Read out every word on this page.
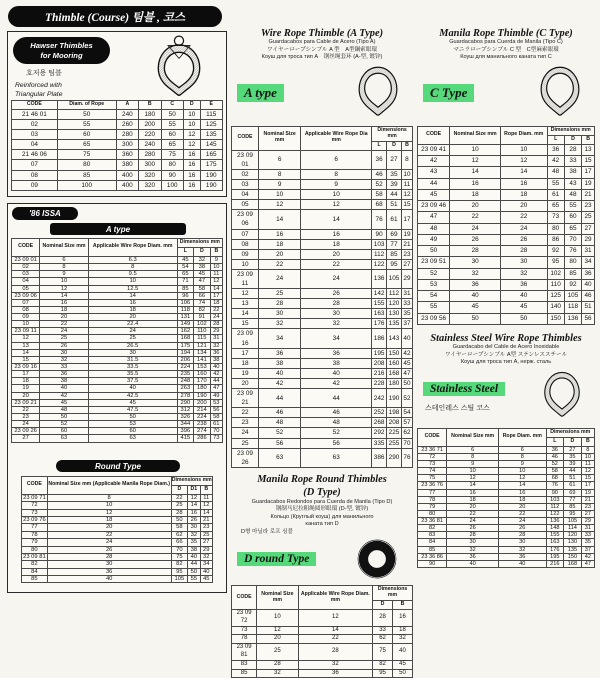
Thimble (Course) 팀블 , 코스
Hawser Thimbles
for Mooring
호저용 팀블
Reinforced with
Triangular Plate
CODE	Diam. of Rope	A	B	C	D	E
21 46 01	50	240	180	50	10	115
02	55	260	200	55	10	125
03	60	280	220	60	12	135
04	65	300	240	65	12	145
21 46 06	75	360	280	75	16	165
07	80	380	300	80	16	175
08	85	400	320	90	16	190
09	100	400	320	100	16	190
'86 ISSA
A type
CODE	Nominal Size mm	Applicable Wire Rope Diam. mm	Dimensions mm		
			L	D	B
23 09 01	6	6.3	45	32	9
02	8	8	54	38	10
03	9	9.5	65	45	11
04	10	10	71	47	12
05	12	12.5	85	58	14
23 09 06	14	14	96	66	17
07	16	16	106	74	18
08	18	18	118	82	22
09	20	20	131	91	24
10	22	22.4	149	102	28
23 09 11	24	24	162	110	29
12	25	25	168	115	31
13	26	26.5	175	121	32
14	30	30	194	134	36
15	32	31.5	206	141	38
23 09 16	33	33.5	224	153	40
17	36	35.5	235	160	42
18	38	37.5	248	170	44
19	40	40	263	180	47
20	42	42.5	278	190	49
23 09 21	45	45	290	200	53
22	48	47.5	312	214	56
23	50	50	326	224	58
24	52	53	344	238	61
23 09 26	60	60	396	274	70
27	63	63	415	286	73
Round Type
CODE	Nominal Size mm (Applicable Manila Rope Diam.)	Dimensions mm		
		D	D1	B
23 09 71	8	22	12	11
72	10	25	14	12
73	12	28	16	14
23 09 76	18	50	26	21
77	20	58	30	23
78	22	62	32	25
79	24	66	35	27
80	26	70	38	29
23 09 81	28	75	40	32
82	30	82	44	34
84	36	95	50	40
85	40	105	55	45
Wire Rope Thimble (A Type)
Guardacabos para Cable de Acero (Tipo A)
ワイヤーロープシンブル A 型　A型鋼索眼環
Коуш для троса тип А　钢丝绳套环 (А-型, 镀锌)
A type
CODE	Nominal Size mm	Applicable Wire Rope Dia mm	Dimensions mm		
			L	D	B
23 09 01	6	6	36	27	8
02	8	8	46	35	10
03	9	9	52	39	11
04	10	10	58	44	12
05	12	12	68	51	15
23 09 06	14	14	76	61	17
07	16	16	90	69	19
08	18	18	103	77	21
09	20	20	112	85	23
10	22	22	122	95	27
23 09 11	24	24	136	105	29
12	25	26	142	112	31
13	28	28	155	120	33
14	30	30	163	130	35
15	32	32	176	135	37
23 09 16	34	34	186	143	40
17	36	36	195	150	42
18	38	38	208	160	45
19	40	40	216	168	47
20	42	42	228	180	50
23 09 21	44	44	242	190	52
22	46	46	252	198	54
23	48	48	268	208	57
24	52	52	292	225	62
25	56	56	335	255	70
23 09 26	63	63	386	290	76
Manila Rope Round Thimbles
(D Type)
Guardacabos Redondos para Cuerda de Manila (Tipo D)
钢制马尼拉粗绳圆形眼環 (D-型, 镀锌)
Кольцо (Круглый коуш) для манильного
каната тип D
D형 마닐라 로프 심블
D round Type
CODE	Nominal Size mm	Applicable Wire Rope Diam. mm	Dimensions mm	
			D	B
23 09 72	10	12	28	16
73	12	14	33	18
78	20	22	62	32
23 09 81	25	28	75	40
83	28	32	82	45
85	32	36	95	50
Manila Rope Thimble (C Type)
Guardacabos para Cuerda de Manila (Tipo C)
マニラロープシンブル C 型　C型麻索眼環
Коуш для манильного каната тип C
C Type
CODE	Nominal Size mm	Rope Diam. mm	Dimensions mm		
			L	D	B
23 09 41	10	10	36	28	13
42	12	12	42	33	15
43	14	14	48	38	17
44	16	16	55	43	19
45	18	18	61	48	21
23 09 46	20	20	65	55	23
47	22	22	73	60	25
48	24	24	80	65	27
49	26	26	86	70	29
50	28	28	92	76	31
23 09 51	30	30	95	80	34
52	32	32	102	85	36
53	36	36	110	92	40
54	40	40	125	105	46
55	45	45	140	118	51
23 09 56	50	50	150	136	56
Stainless Steel Wire Rope Thimbles
Guardacabo del Cable de Acero Inoxidable
ワイヤーロープシンブル A型 ステンレススチール
Коуш для троса тип А, нерж. сталь
Stainless Steel
스테인레스 스틸 코스
CODE	Nominal Size mm	Rope Diam. mm	Dimensions mm		
			L	D	B
23 36 71	6	6	36	27	8
72	8	8	46	35	10
73	9	9	52	39	11
74	10	10	58	44	12
75	12	12	68	51	15
23 36 76	14	14	76	61	17
77	16	16	90	69	19
78	18	18	103	77	21
79	20	20	112	85	23
80	22	22	122	95	27
23 36 81	24	24	136	105	29
82	26	26	148	114	31
83	28	28	155	120	33
84	30	30	163	130	35
85	32	32	176	135	37
23 36 86	36	36	195	150	42
90	40	40	216	168	47
